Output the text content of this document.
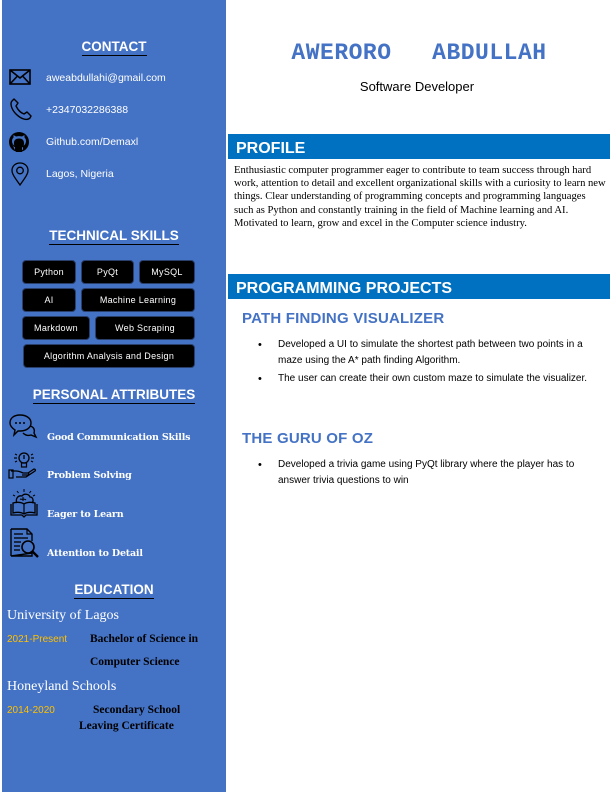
CONTACT
aweabdullahi@gmail.com
+2347032286388
Github.com/Demaxl
Lagos, Nigeria
TECHNICAL SKILLS
Python	PyQt	MySQL
AI	Machine Learning
Markdown	Web Scraping
Algorithm Analysis and Design
PERSONAL ATTRIBUTES
Good Communication Skills
Problem Solving
Eager to Learn
Attention to Detail
EDUCATION
University of Lagos
2021-Present Bachelor of Science in
Computer Science
Honeyland Schools
2014-2020	Secondary School
Leaving Certificate
AWERORO  ABDULLAH
Software Developer
PROFILE
Enthusiastic computer programmer eager to contribute to team success through hard work, attention to detail and excellent organizational skills with a curiosity to learn new things. Clear understanding of programming concepts and programming languages such as Python and constantly training in the field of Machine learning and AI. Motivated to learn, grow and excel in the Computer science industry.
PROGRAMMING PROJECTS
PATH FINDING VISUALIZER
• Developed a UI to simulate the shortest path between two points in a maze using the A* path finding Algorithm.
• The user can create their own custom maze to simulate the visualizer.
THE GURU OF OZ
• Developed a trivia game using PyQt library where the player has to answer trivia questions to win
